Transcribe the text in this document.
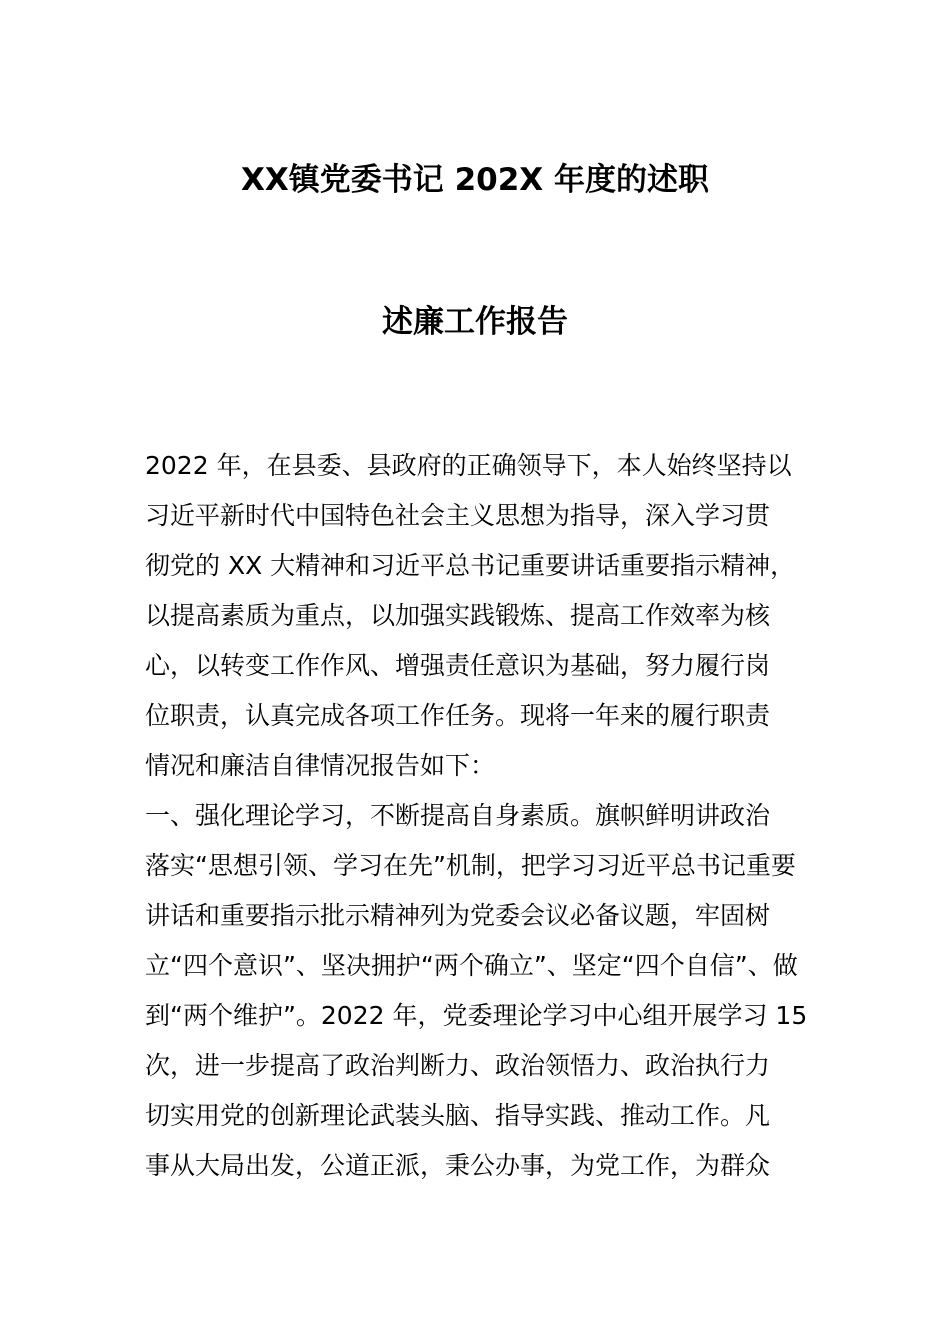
XX镇党委书记 202X 年度的述职
述廉工作报告
2022 年，在县委、县政府的正确领导下，本人始终坚持以
习近平新时代中国特色社会主义思想为指导，深入学习贯
彻党的 XX 大精神和习近平总书记重要讲话重要指示精神，
以提高素质为重点，以加强实践锻炼、提高工作效率为核
心，以转变工作作风、增强责任意识为基础，努力履行岗
位职责，认真完成各项工作任务。现将一年来的履行职责
情况和廉洁自律情况报告如下：
一、强化理论学习，不断提高自身素质。旗帜鲜明讲政治
落实“思想引领、学习在先”机制，把学习习近平总书记重要
讲话和重要指示批示精神列为党委会议必备议题，牢固树
立“四个意识”、坚决拥护“两个确立”、坚定“四个自信”、做
到“两个维护”。2022 年，党委理论学习中心组开展学习 15
次，进一步提高了政治判断力、政治领悟力、政治执行力
切实用党的创新理论武装头脑、指导实践、推动工作。凡
事从大局出发，公道正派，秉公办事，为党工作，为群众
